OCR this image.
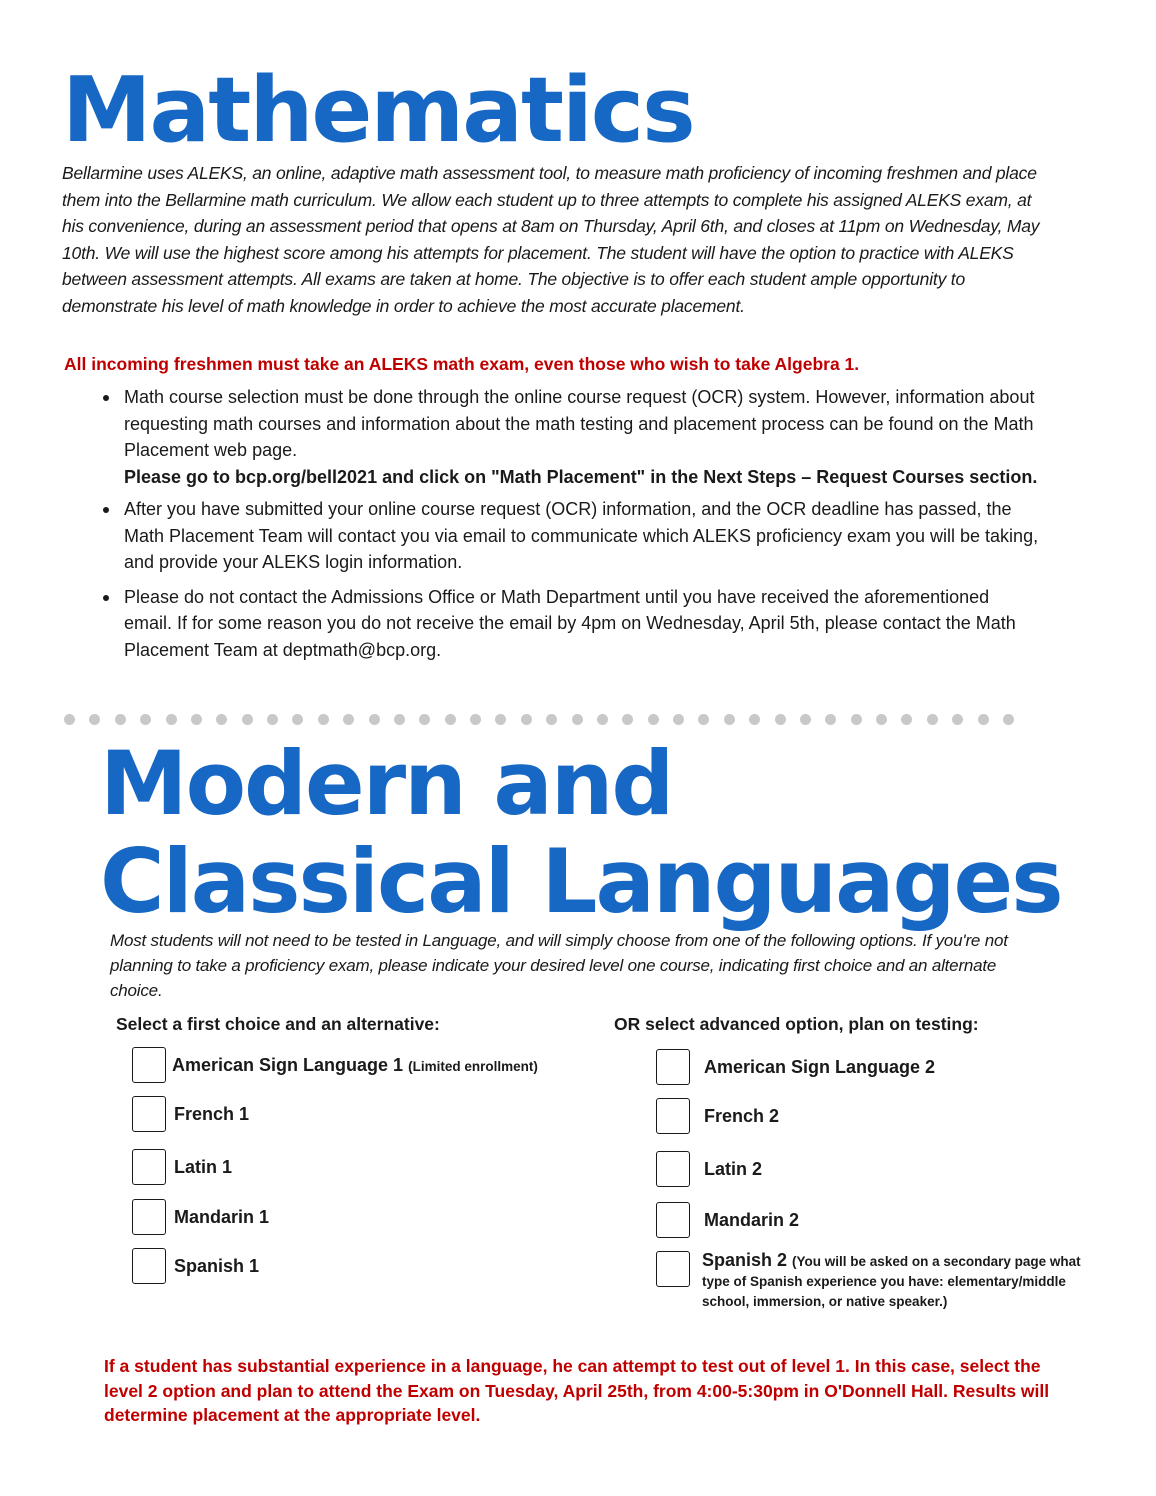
Mathematics

Bellarmine uses ALEKS, an online, adaptive math assessment tool, to measure math proficiency of incoming freshmen and place them into the Bellarmine math curriculum. We allow each student up to three attempts to complete his assigned ALEKS exam, at his convenience, during an assessment period that opens at 8am on Thursday, April 6th, and closes at 11pm on Wednesday, May 10th. We will use the highest score among his attempts for placement. The student will have the option to practice with ALEKS between assessment attempts. All exams are taken at home. The objective is to offer each student ample opportunity to demonstrate his level of math knowledge in order to achieve the most accurate placement.

All incoming freshmen must take an ALEKS math exam, even those who wish to take Algebra 1.
Math course selection must be done through the online course request (OCR) system. However, information about requesting math courses and information about the math testing and placement process can be found on the Math Placement web page.
Please go to bcp.org/bell2021 and click on "Math Placement" in the Next Steps – Request Courses section.
After you have submitted your online course request (OCR) information, and the OCR deadline has passed, the Math Placement Team will contact you via email to communicate which ALEKS proficiency exam you will be taking, and provide your ALEKS login information.
Please do not contact the Admissions Office or Math Department until you have received the aforementioned email. If for some reason you do not receive the email by 4pm on Wednesday, April 5th, please contact the Math Placement Team at deptmath@bcp.org.
Modern and
Classical Languages

Most students will not need to be tested in Language, and will simply choose from one of the following options. If you're not planning to take a proficiency exam, please indicate your desired level one course, indicating first choice and an alternate choice.

Select a first choice and an alternative:	OR select advanced option, plan on testing:
American Sign Language 1 (Limited enrollment)
French 1
Latin 1
Mandarin 1
Spanish 1
American Sign Language 2
French 2
Latin 2
Mandarin 2
Spanish 2 (You will be asked on a secondary page what type of Spanish experience you have: elementary/middle school, immersion, or native speaker.)
If a student has substantial experience in a language, he can attempt to test out of level 1. In this case, select the level 2 option and plan to attend the Exam on Tuesday, April 25th, from 4:00-5:30pm in O'Donnell Hall. Results will determine placement at the appropriate level.
